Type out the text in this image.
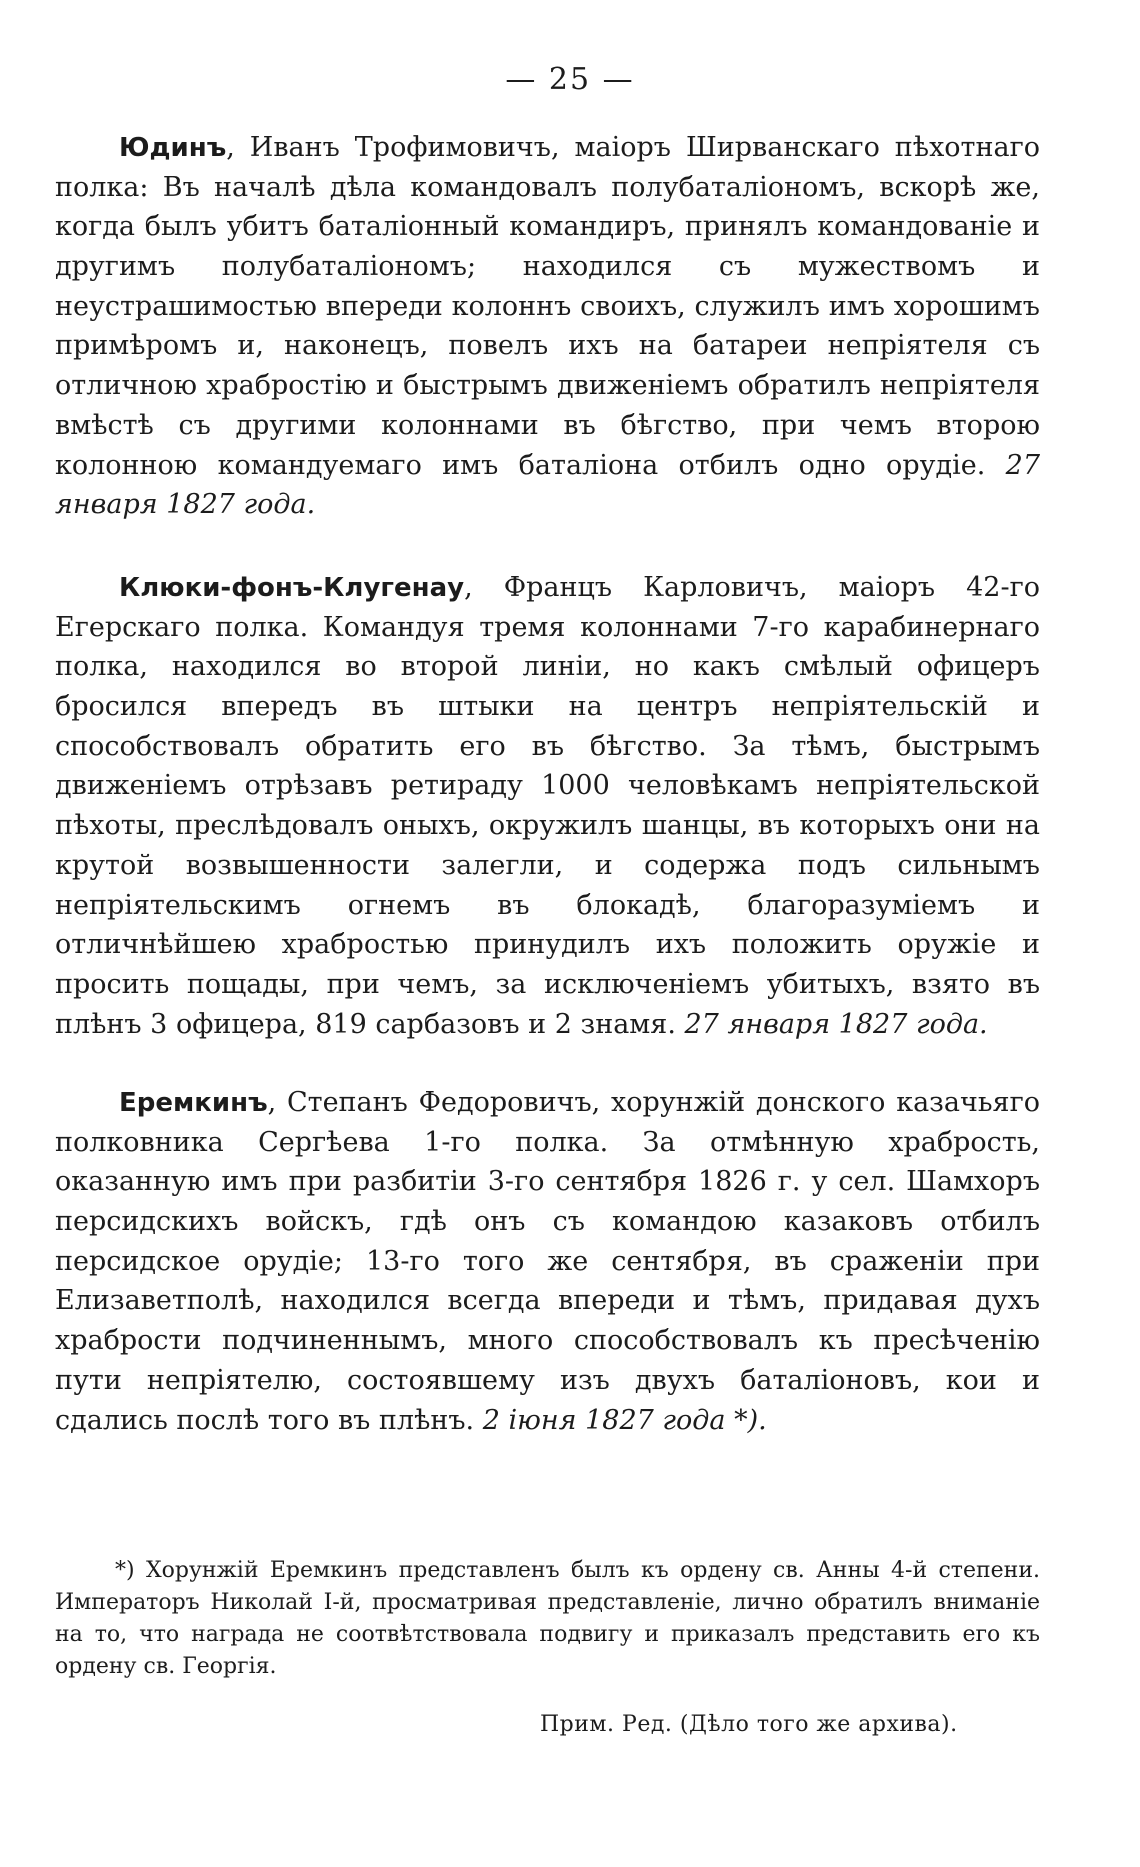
— 25 —

Юдинъ, Иванъ Трофимовичъ, маіоръ Ширванскаго пѣхотнаго полка: Въ началѣ дѣла командовалъ полубаталіономъ, вскорѣ же, когда былъ убитъ баталіонный командиръ, принялъ командованіе и другимъ полубаталіономъ; находился съ мужествомъ и неустрашимостью впереди колоннъ своихъ, служилъ имъ хорошимъ примѣромъ и, наконецъ, повелъ ихъ на батареи непріятеля съ отличною храбростію и быстрымъ движеніемъ обратилъ непріятеля вмѣстѣ съ другими колоннами въ бѣгство, при чемъ второю колонною командуемаго имъ баталіона отбилъ одно орудіе. 27 января 1827 года.

Клюки-фонъ-Клугенау, Францъ Карловичъ, маіоръ 42-го Егерскаго полка. Командуя тремя колоннами 7-го карабинернаго полка, находился во второй линіи, но какъ смѣлый офицеръ бросился впередъ въ штыки на центръ непріятельскій и способствовалъ обратить его въ бѣгство. За тѣмъ, быстрымъ движеніемъ отрѣзавъ ретираду 1000 человѣкамъ непріятельской пѣхоты, преслѣдовалъ оныхъ, окружилъ шанцы, въ которыхъ они на крутой возвышенности залегли, и содержа подъ сильнымъ непріятельскимъ огнемъ въ блокадѣ, благоразуміемъ и отличнѣйшею храбростью принудилъ ихъ положить оружіе и просить пощады, при чемъ, за исключеніемъ убитыхъ, взято въ плѣнъ 3 офицера, 819 сарбазовъ и 2 знамя. 27 января 1827 года.

Еремкинъ, Степанъ Федоровичъ, хорунжій донского казачьяго полковника Сергѣева 1-го полка. За отмѣнную храбрость, оказанную имъ при разбитіи 3-го сентября 1826 г. у сел. Шамхоръ персидскихъ войскъ, гдѣ онъ съ командою казаковъ отбилъ персидское орудіе; 13-го того же сентября, въ сраженіи при Елизаветполѣ, находился всегда впереди и тѣмъ, придавая духъ храбрости подчиненнымъ, много способствовалъ къ пресѣченію пути непріятелю, состоявшему изъ двухъ баталіоновъ, кои и сдались послѣ того въ плѣнъ. 2 іюня 1827 года *).

*) Хорунжій Еремкинъ представленъ былъ къ ордену св. Анны 4-й степени. Императоръ Николай I-й, просматривая представленіе, лично обратилъ вниманіе на то, что награда не соотвѣтствовала подвигу и приказалъ представить его къ ордену св. Георгія.

Прим. Ред. (Дѣло того же архива).
